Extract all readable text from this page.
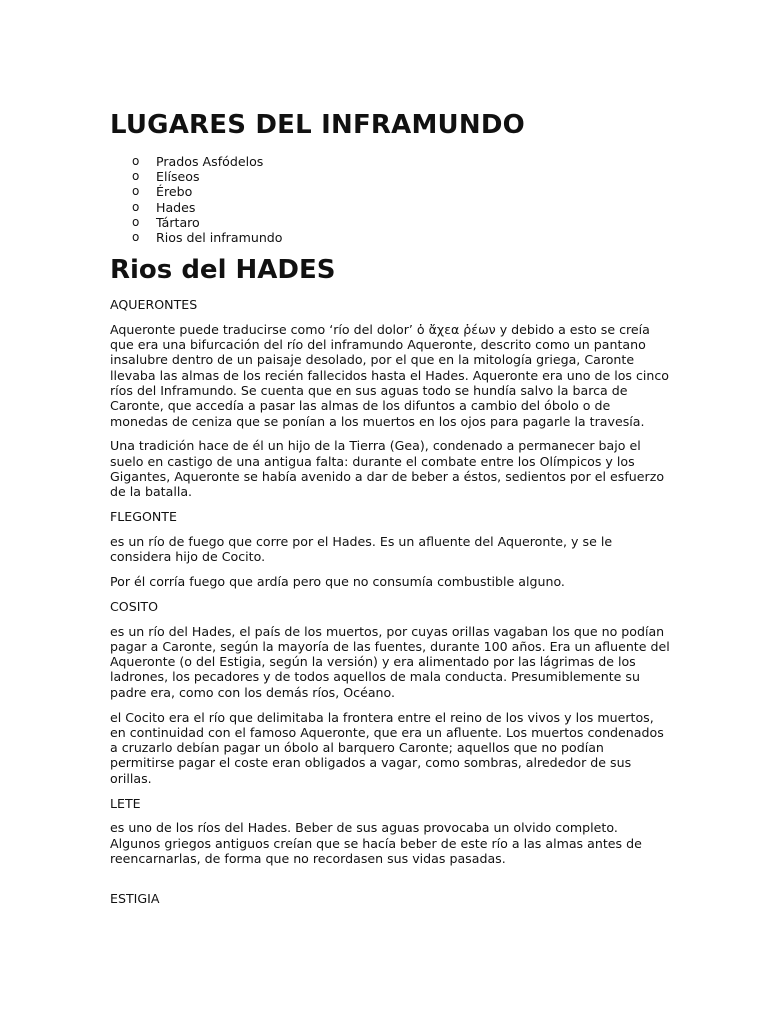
LUGARES DEL INFRAMUNDO
o Prados Asfódelos
o Elíseos
o Érebo
o Hades
o Tártaro
o Rios del inframundo
Rios del HADES

AQUERONTES

Aqueronte puede traducirse como ‘río del dolor’ ὁ ἄχεα ῥέων y debido a esto se creía que era una bifurcación del río del inframundo Aqueronte, descrito como un pantano insalubre dentro de un paisaje desolado, por el que en la mitología griega, Caronte llevaba las almas de los recién fallecidos hasta el Hades. Aqueronte era uno de los cinco ríos del Inframundo. Se cuenta que en sus aguas todo se hundía salvo la barca de Caronte, que accedía a pasar las almas de los difuntos a cambio del óbolo o de monedas de ceniza que se ponían a los muertos en los ojos para pagarle la travesía.

Una tradición hace de él un hijo de la Tierra (Gea), condenado a permanecer bajo el suelo en castigo de una antigua falta: durante el combate entre los Olímpicos y los Gigantes, Aqueronte se había avenido a dar de beber a éstos, sedientos por el esfuerzo de la batalla.

FLEGONTE

es un río de fuego que corre por el Hades. Es un afluente del Aqueronte, y se le considera hijo de Cocito.

Por él corría fuego que ardía pero que no consumía combustible alguno.

COSITO

es un río del Hades, el país de los muertos, por cuyas orillas vagaban los que no podían pagar a Caronte, según la mayoría de las fuentes, durante 100 años. Era un afluente del Aqueronte (o del Estigia, según la versión) y era alimentado por las lágrimas de los ladrones, los pecadores y de todos aquellos de mala conducta. Presumiblemente su padre era, como con los demás ríos, Océano.

el Cocito era el río que delimitaba la frontera entre el reino de los vivos y los muertos, en continuidad con el famoso Aqueronte, que era un afluente. Los muertos condenados a cruzarlo debían pagar un óbolo al barquero Caronte; aquellos que no podían permitirse pagar el coste eran obligados a vagar, como sombras, alrededor de sus orillas.

LETE

es uno de los ríos del Hades. Beber de sus aguas provocaba un olvido completo. Algunos griegos antiguos creían que se hacía beber de este río a las almas antes de reencarnarlas, de forma que no recordasen sus vidas pasadas.

ESTIGIA
